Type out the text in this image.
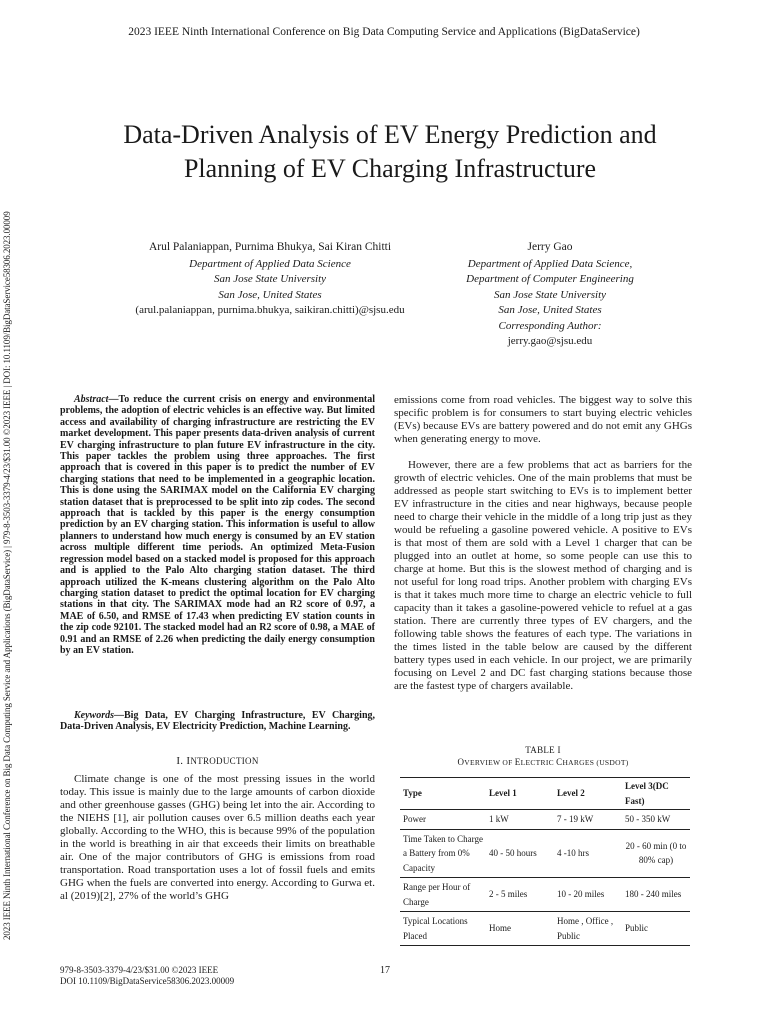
2023 IEEE Ninth International Conference on Big Data Computing Service and Applications (BigDataService)
2023 IEEE Ninth International Conference on Big Data Computing Service and Applications (BigDataService) | 979-8-3503-3379-4/23/$31.00 ©2023 IEEE | DOI: 10.1109/BigDataService58306.2023.00009
Data-Driven Analysis of EV Energy Prediction and
Planning of EV Charging Infrastructure
Arul Palaniappan, Purnima Bhukya, Sai Kiran Chitti
Department of Applied Data Science
San Jose State University
San Jose, United States
(arul.palaniappan, purnima.bhukya, saikiran.chitti)@sjsu.edu
Jerry Gao
Department of Applied Data Science,
Department of Computer Engineering
San Jose State University
San Jose, United States
Corresponding Author:
jerry.gao@sjsu.edu

Abstract—To reduce the current crisis on energy and environmental problems, the adoption of electric vehicles is an effective way. But limited access and availability of charging infrastructure are restricting the EV market development. This paper presents data-driven analysis of current EV charging infrastructure to plan future EV infrastructure in the city. This paper tackles the problem using three approaches. The first approach that is covered in this paper is to predict the number of EV charging stations that need to be implemented in a geographic location. This is done using the SARIMAX model on the California EV charging station dataset that is preprocessed to be split into zip codes. The second approach that is tackled by this paper is the energy consumption prediction by an EV charging station. This information is useful to allow planners to understand how much energy is consumed by an EV station across multiple different time periods. An optimized Meta-Fusion regression model based on a stacked model is proposed for this approach and is applied to the Palo Alto charging station dataset. The third approach utilized the K-means clustering algorithm on the Palo Alto charging station dataset to predict the optimal location for EV charging stations in that city. The SARIMAX mode had an R2 score of 0.97, a MAE of 6.50, and RMSE of 17.43 when predicting EV station counts in the zip code 92101. The stacked model had an R2 score of 0.98, a MAE of 0.91 and an RMSE of 2.26 when predicting the daily energy consumption by an EV station.

Keywords—Big Data, EV Charging Infrastructure, EV Charging, Data-Driven Analysis, EV Electricity Prediction, Machine Learning.

I. INTRODUCTION

Climate change is one of the most pressing issues in the world today. This issue is mainly due to the large amounts of carbon dioxide and other greenhouse gasses (GHG) being let into the air. According to the NIEHS [1], air pollution causes over 6.5 million deaths each year globally. According to the WHO, this is because 99% of the population in the world is breathing in air that exceeds their limits on breathable air. One of the major contributors of GHG is emissions from road transportation. Road transportation uses a lot of fossil fuels and emits GHG when the fuels are converted into energy. According to Gurwa et. al (2019)[2], 27% of the world’s GHG

emissions come from road vehicles. The biggest way to solve this specific problem is for consumers to start buying electric vehicles (EVs) because EVs are battery powered and do not emit any GHGs when generating energy to move.

However, there are a few problems that act as barriers for the growth of electric vehicles. One of the main problems that must be addressed as people start switching to EVs is to implement better EV infrastructure in the cities and near highways, because people need to charge their vehicle in the middle of a long trip just as they would be refueling a gasoline powered vehicle. A positive to EVs is that most of them are sold with a Level 1 charger that can be plugged into an outlet at home, so some people can use this to charge at home. But this is the slowest method of charging and is not useful for long road trips. Another problem with charging EVs is that it takes much more time to charge an electric vehicle to full capacity than it takes a gasoline-powered vehicle to refuel at a gas station. There are currently three types of EV chargers, and the following table shows the features of each type. The variations in the times listed in the table below are caused by the different battery types used in each vehicle. In our project, we are primarily focusing on Level 2 and DC fast charging stations because those are the fastest type of chargers available.

TABLE I
OVERVIEW OF ELECTRIC CHARGES (USDOT)
Type	Level 1	Level 2	Level 3(DC Fast)
Power	1 kW	7 - 19 kW	50 - 350 kW
Time Taken to Charge a Battery from 0% Capacity	40 - 50 hours	4 -10 hrs	20 - 60 min (0 to 80% cap)
Range per Hour of Charge	2 - 5 miles	10 - 20 miles	180 - 240 miles
Typical Locations Placed	Home	Home , Office , Public	Public
979-8-3503-3379-4/23/$31.00 ©2023 IEEE
DOI 10.1109/BigDataService58306.2023.00009
17
